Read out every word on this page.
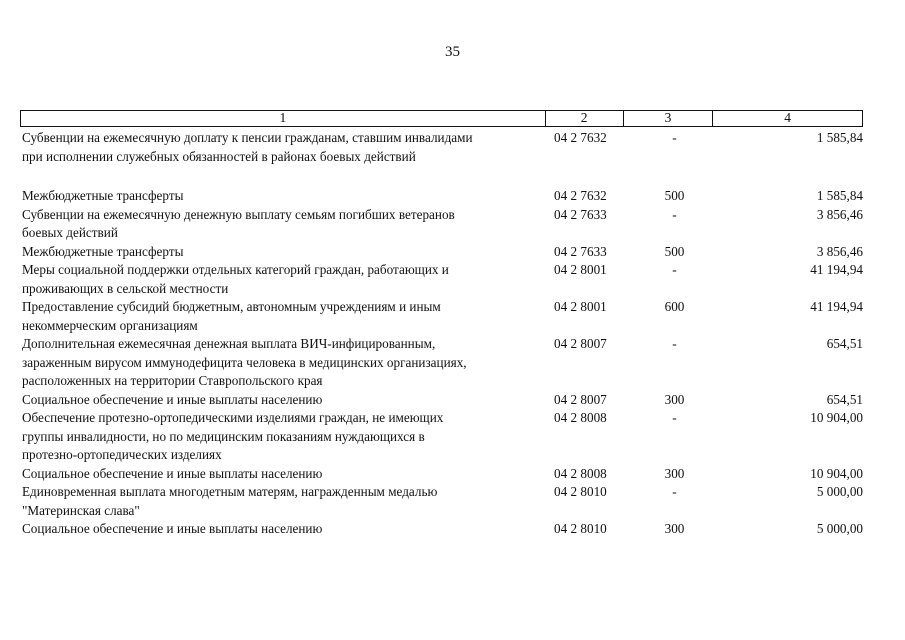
35
1	2	3	4
Субвенции на ежемесячную доплату к пенсии гражданам, ставшим инвалидами
при исполнении служебных обязанностей в районах боевых действий
04 2 7632	-	1 585,84
Межбюджетные трансферты	04 2 7632	500	1 585,84
Субвенции на ежемесячную денежную выплату семьям погибших ветеранов
боевых действий
04 2 7633	-	3 856,46
Межбюджетные трансферты	04 2 7633	500	3 856,46
Меры социальной поддержки отдельных категорий граждан, работающих и
проживающих в сельской местности
04 2 8001	-	41 194,94
Предоставление субсидий бюджетным, автономным учреждениям и иным
некоммерческим организациям
04 2 8001	600	41 194,94
Дополнительная ежемесячная денежная выплата ВИЧ-инфицированным,
зараженным вирусом иммунодефицита человека в медицинских организациях,
расположенных на территории Ставропольского края
04 2 8007	-	654,51
Социальное обеспечение и иные выплаты населению	04 2 8007	300	654,51
Обеспечение протезно-ортопедическими изделиями граждан, не имеющих
группы инвалидности, но по медицинским показаниям нуждающихся в
протезно-ортопедических изделиях
04 2 8008	-	10 904,00
Социальное обеспечение и иные выплаты населению	04 2 8008	300	10 904,00
Единовременная выплата многодетным матерям, награжденным медалью
"Материнская слава"
04 2 8010	-	5 000,00
Социальное обеспечение и иные выплаты населению	04 2 8010	300	5 000,00
